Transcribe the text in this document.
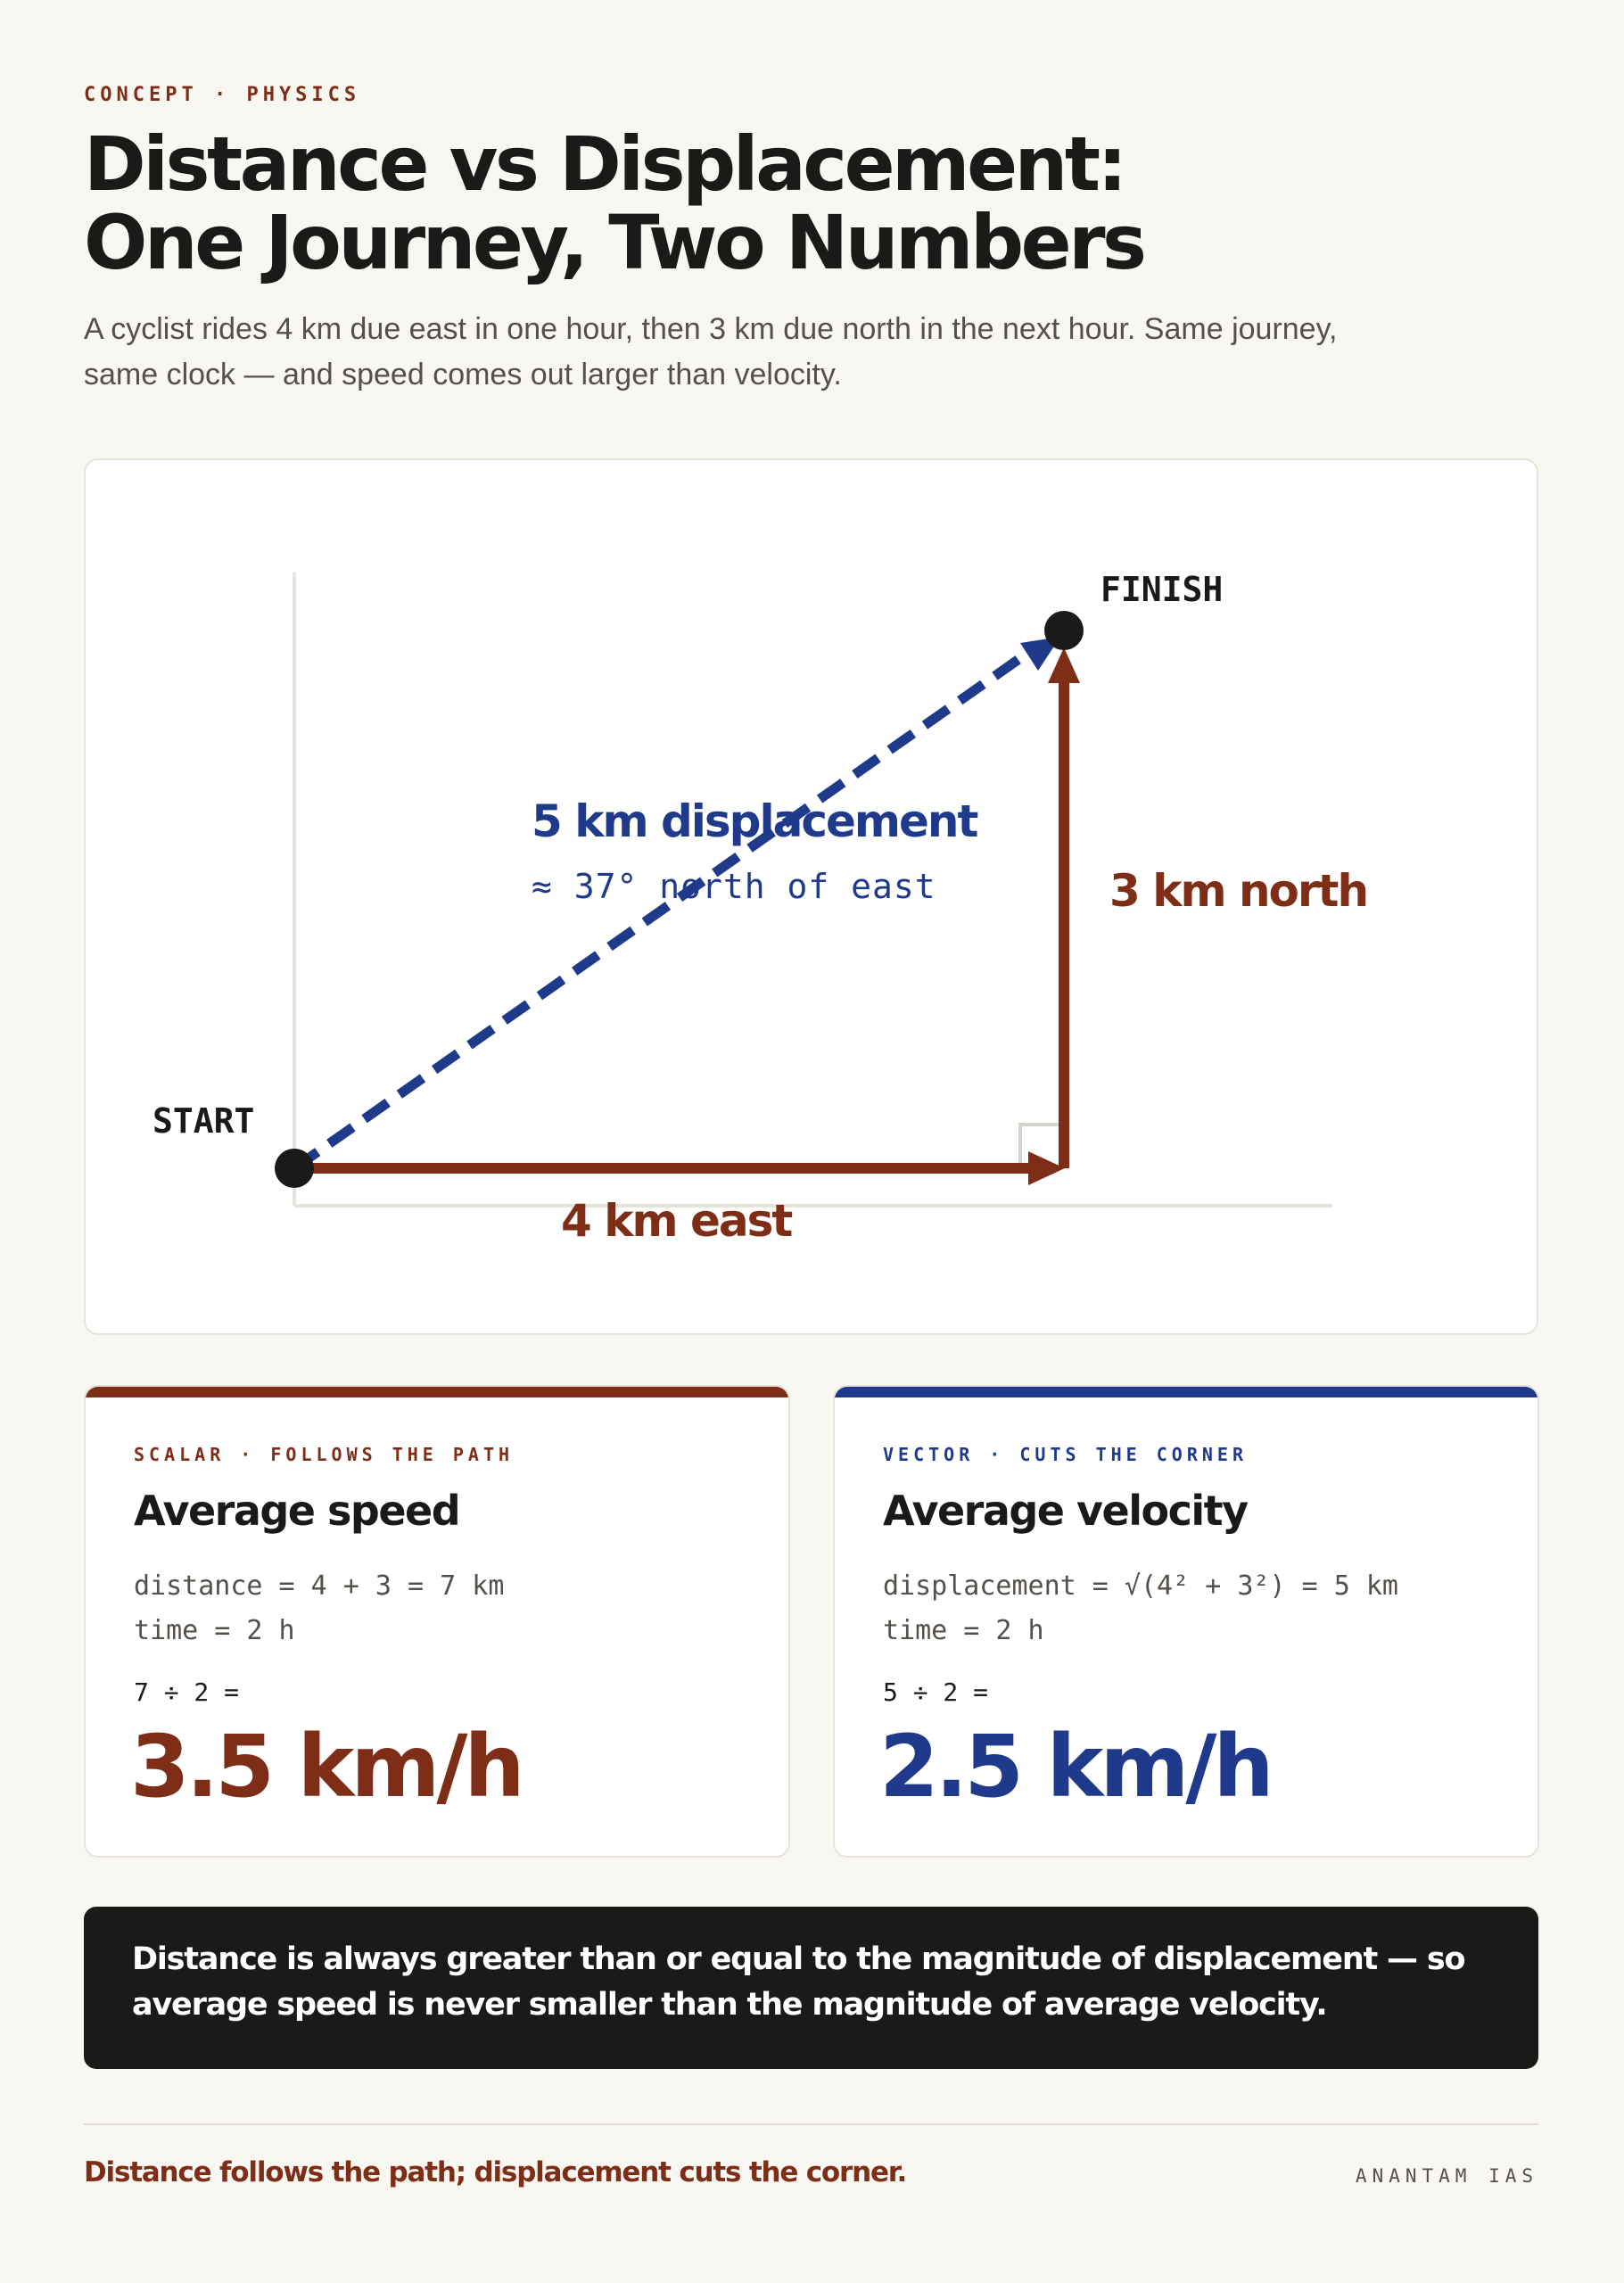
CONCEPT · PHYSICS
Distance vs Displacement:
One Journey, Two Numbers

A cyclist rides 4 km due east in one hour, then 3 km due north in the next hour. Same journey, same clock — and speed comes out larger than velocity.

START
FINISH
4 km east
3 km north
5 km displacement
≈ 37° north of east
SCALAR · FOLLOWS THE PATH
Average speed
distance = 4 + 3 = 7 km
time = 2 h
7 ÷ 2 =
3.5 km/h
VECTOR · CUTS THE CORNER
Average velocity
displacement = √(4² + 3²) = 5 km
time = 2 h
5 ÷ 2 =
2.5 km/h
Distance is always greater than or equal to the magnitude of displacement — so
average speed is never smaller than the magnitude of average velocity.
Distance follows the path; displacement cuts the corner.	ANANTAM IAS
